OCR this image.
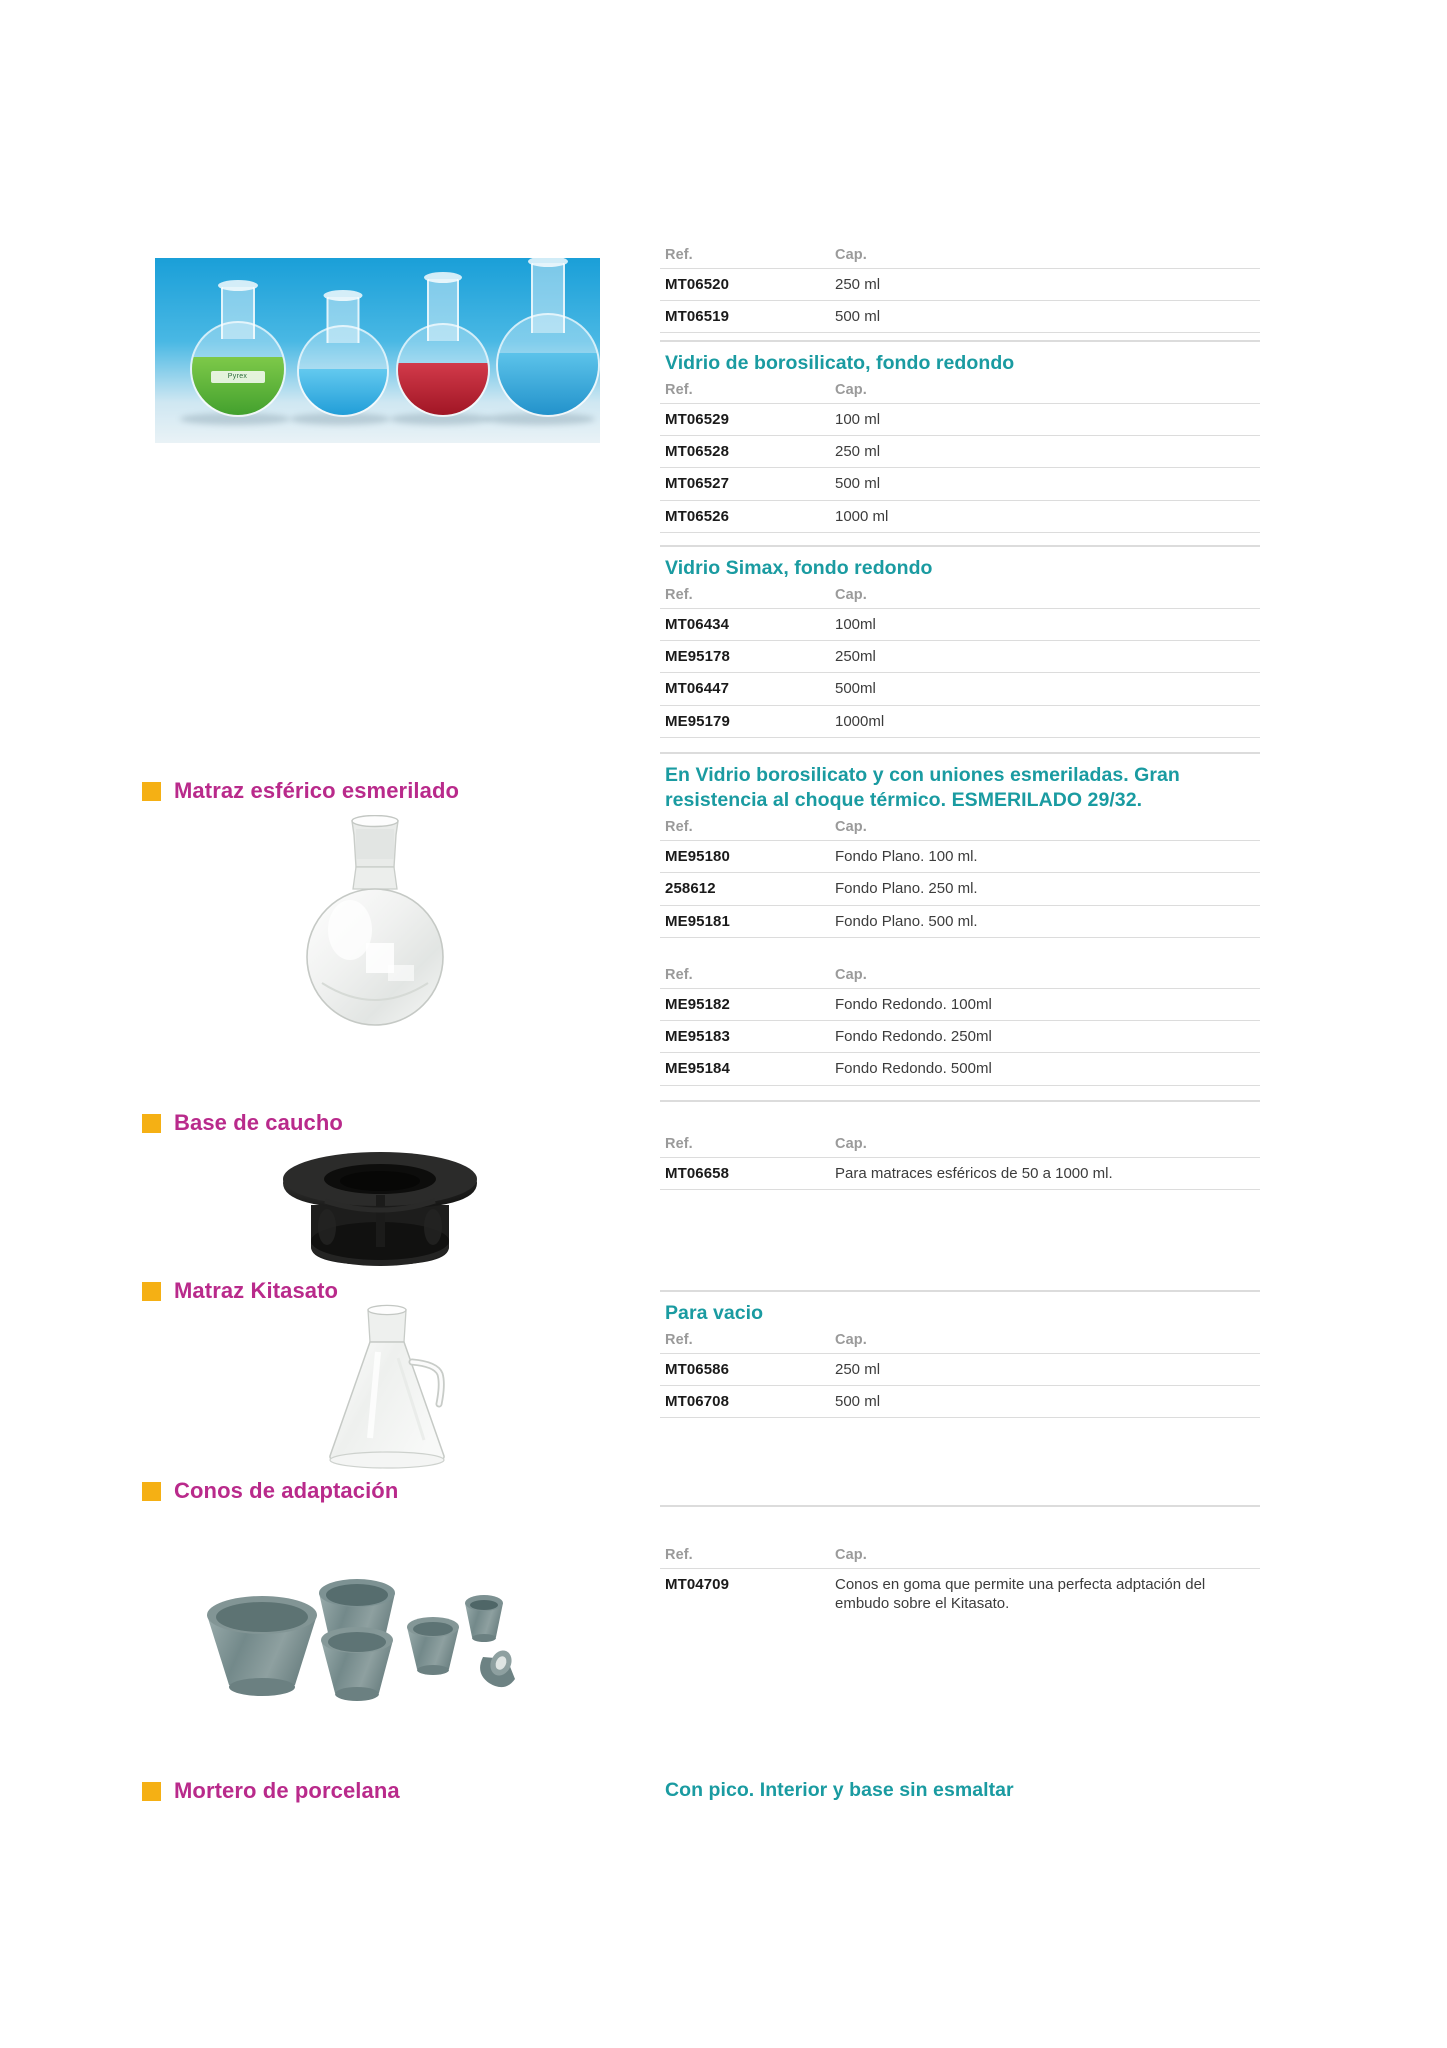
Pyrex
Ref.	Cap.
MT06520	250 ml
MT06519	500 ml
Vidrio de borosilicato, fondo redondo
Ref.	Cap.
MT06529	100 ml
MT06528	250 ml
MT06527	500 ml
MT06526	1000 ml
Vidrio Simax, fondo redondo
Ref.	Cap.
MT06434	100ml
ME95178	250ml
MT06447	500ml
ME95179	1000ml
En Vidrio borosilicato y con uniones esmeriladas. Gran resistencia al choque térmico. ESMERILADO 29/32.
Ref.	Cap.
ME95180	Fondo Plano. 100 ml.
258612	Fondo Plano. 250 ml.
ME95181	Fondo Plano. 500 ml.
Ref.	Cap.
ME95182	Fondo Redondo. 100ml
ME95183	Fondo Redondo. 250ml
ME95184	Fondo Redondo. 500ml
Ref.	Cap.
MT06658	Para matraces esféricos de 50 a 1000 ml.
Para vacio
Ref.	Cap.
MT06586	250 ml
MT06708	500 ml
Ref.	Cap.
MT04709	Conos en goma que permite una perfecta adptación del embudo sobre el Kitasato.
Con pico. Interior y base sin esmaltar
Matraz esférico esmerilado
Base de caucho
Matraz Kitasato
Conos de adaptación
Mortero de porcelana
